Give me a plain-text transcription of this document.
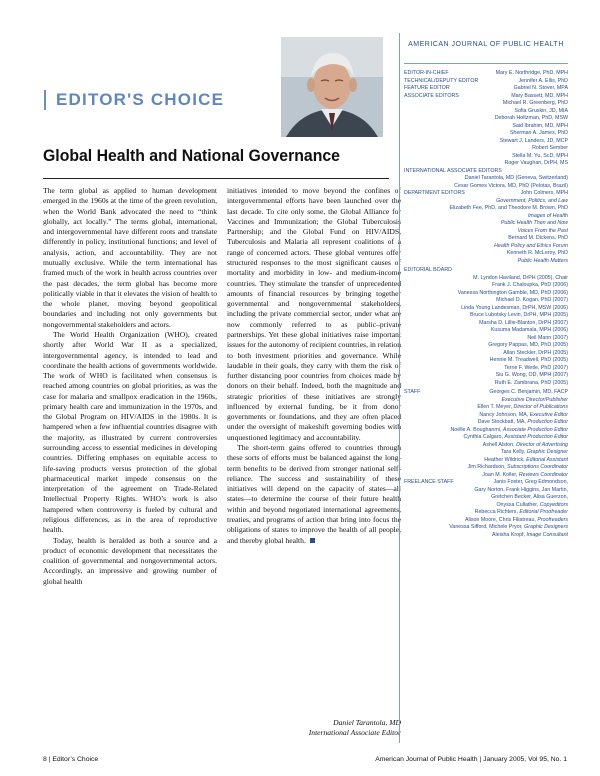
EDITOR'S CHOICE
Global Health and National Governance

The term global as applied to human development emerged in the 1960s at the time of the green revolution, when the World Bank advocated the need to “think globally, act locally.” The terms global, international, and intergovernmental have different roots and translate differently in policy, institutional functions; and level of analysis, action, and accountability. They are not mutually exclusive. While the term international has framed much of the work in health across countries over the past decades, the term global has become more politically viable in that it elevates the vision of health to the whole planet, moving beyond geopolitical boundaries and including not only governments but nongovernmental stakeholders and actors.

The World Health Organization (WHO), created shortly after World War II as a specialized, intergovernmental agency, is intended to lead and coordinate the health actions of governments worldwide. The work of WHO is facilitated when consensus is reached among countries on global priorities, as was the case for malaria and smallpox eradication in the 1960s, primary health care and immunization in the 1970s, and the Global Program on HIV/AIDS in the 1980s. It is hampered when a few influential countries disagree with the majority, as illustrated by current controversies surrounding access to essential medicines in developing countries. Differing emphases on equitable access to life-saving products versus protection of the global pharmaceutical market impede consensus on the interpretation of the agreement on Trade-Related Intellectual Property Rights. WHO’s work is also hampered when controversy is fueled by cultural and religious differences, as in the area of reproductive health.

Today, health is heralded as both a source and a product of economic development that necessitates the coalition of governmental and nongovernmental actors. Accordingly, an impressive and growing number of global health

initiatives intended to move beyond the confines of intergovernmental efforts have been launched over the last decade. To cite only some, the Global Alliance for Vaccines and Immunization; the Global Tuberculosis Partnership; and the Global Fund on HIV/AIDS, Tuberculosis and Malaria all represent coalitions of a range of concerned actors. These global ventures offer structured responses to the most significant causes of mortality and morbidity in low- and medium-income countries. They stimulate the transfer of unprecedented amounts of financial resources by bringing together governmental and nongovernmental stakeholders, including the private commercial sector, under what are now commonly referred to as public–private partnerships. Yet these global initiatives raise important issues for the autonomy of recipient countries, in relation to both investment priorities and governance. While laudable in their goals, they carry with them the risk of further distancing poor countries from choices made by donors on their behalf. Indeed, both the magnitude and strategic priorities of these initiatives are strongly influenced by external funding, be it from donor governments or foundations, and they are often placed under the oversight of makeshift governing bodies with unquestioned legitimacy and accountability.

The short-term gains offered to countries through these sorts of efforts must be balanced against the long-term benefits to be derived from stronger national self-reliance. The success and sustainability of these initiatives will depend on the capacity of states—all states—to determine the course of their future health within and beyond negotiated international agreements, treaties, and programs of action that bring into focus the obligations of states to improve the health of all people, and thereby global health.

Daniel Tarantola, MD
International Associate Editor
AMERICAN JOURNAL OF PUBLIC HEALTH
EDITOR-IN-CHIEF	Mary E. Northridge, PhD, MPH
TECHNICAL/DEPUTY EDITOR	Jennifer A. Ellis, PhD
FEATURE EDITOR	Gabriel N. Stover, MPA
ASSOCIATE EDITORS	Mary Bassett, MD, MPH
Michael R. Greenberg, PhD
Sofia Gruskin, JD, MIA
Deborah Holtzman, PhD, MSW
Said Ibrahim, MD, MPH
Sherman A. James, PhD
Stewart J. Landers, JD, MCP
Robert Sember
Stella M. Yu, ScD, MPH
Roger Vaughan, DrPH, MS
INTERNATIONAL ASSOCIATE EDITORS
Daniel Tarantola, MD (Geneva, Switzerland)
Cesar Gomes Victora, MD, PhD (Pelotas, Brazil)
DEPARTMENT EDITORS	John Colmers, MPH
Government, Politics, and Law
Elizabeth Fee, PhD, and Theodore M. Brown, PhD
Images of Health
Public Health Then and Now
Voices From the Past
Bernard M. Dickens, PhD
Health Policy and Ethics Forum
Kenneth R. McLeroy, PhD
Public Health Matters
EDITORIAL BOARD
M. Lyndon Haviland, DrPH (2005), Chair
Frank J. Chaloupka, PhD (2006)
Vanessa Northington Gamble, MD, PhD (2006)
Michael D. Kogan, PhD (2007)
Linda Young Landesman, DrPH, MSW (2006)
Bruce Lubotsky Levin, DrPH, MPH (2005)
Marsha D. Lillie-Blanton, DrPH (2007)
Kusuma Madamala, MPH (2006)
Neil Mann (2007)
Gregory Pappas, MD, PhD (2005)
Allan Steckler, DrPH (2005)
Hennie M. Treadwell, PhD (2005)
Terrie F. Wetle, PhD (2007)
Siu G. Wong, OD, MPH (2007)
Ruth E. Zambrana, PhD (2005)
STAFF	Georges C. Benjamin, MD, FACP
Executive Director/Publisher
Ellen T. Meyer, Director of Publications
Nancy Johnson, MA, Executive Editor
Dave Stockbatt, MA, Production Editor
Noëlle A. Boughanmi, Associate Production Editor
Cynthia Calgaro, Assistant Production Editor
Ashell Alston, Director of Advertising
Tara Kelly, Graphic Designer
Heather Wildrick, Editorial Assistant
Jim Richardson, Subscriptions Coordinator
Joan M. Koller, Reviews Coordinator
FREELANCE STAFF	Janis Foster, Greg Edmondson,
Gary Norton, Frank Higgins, Jan Martin,
Gretchen Becker, Alisa Guerzon,
Onyssa Cullather, Copyeditors
Rebecca Richters, Editorial Proofreader
Alison Moore, Chris Filiatreau, Proofreaders
Vanessa Sifford, Michele Pryor, Graphic Designers
Aleisha Kropf, Image Consultant
8 | Editor’s Choice	American Journal of Public Health | January 2005, Vol 95, No. 1
